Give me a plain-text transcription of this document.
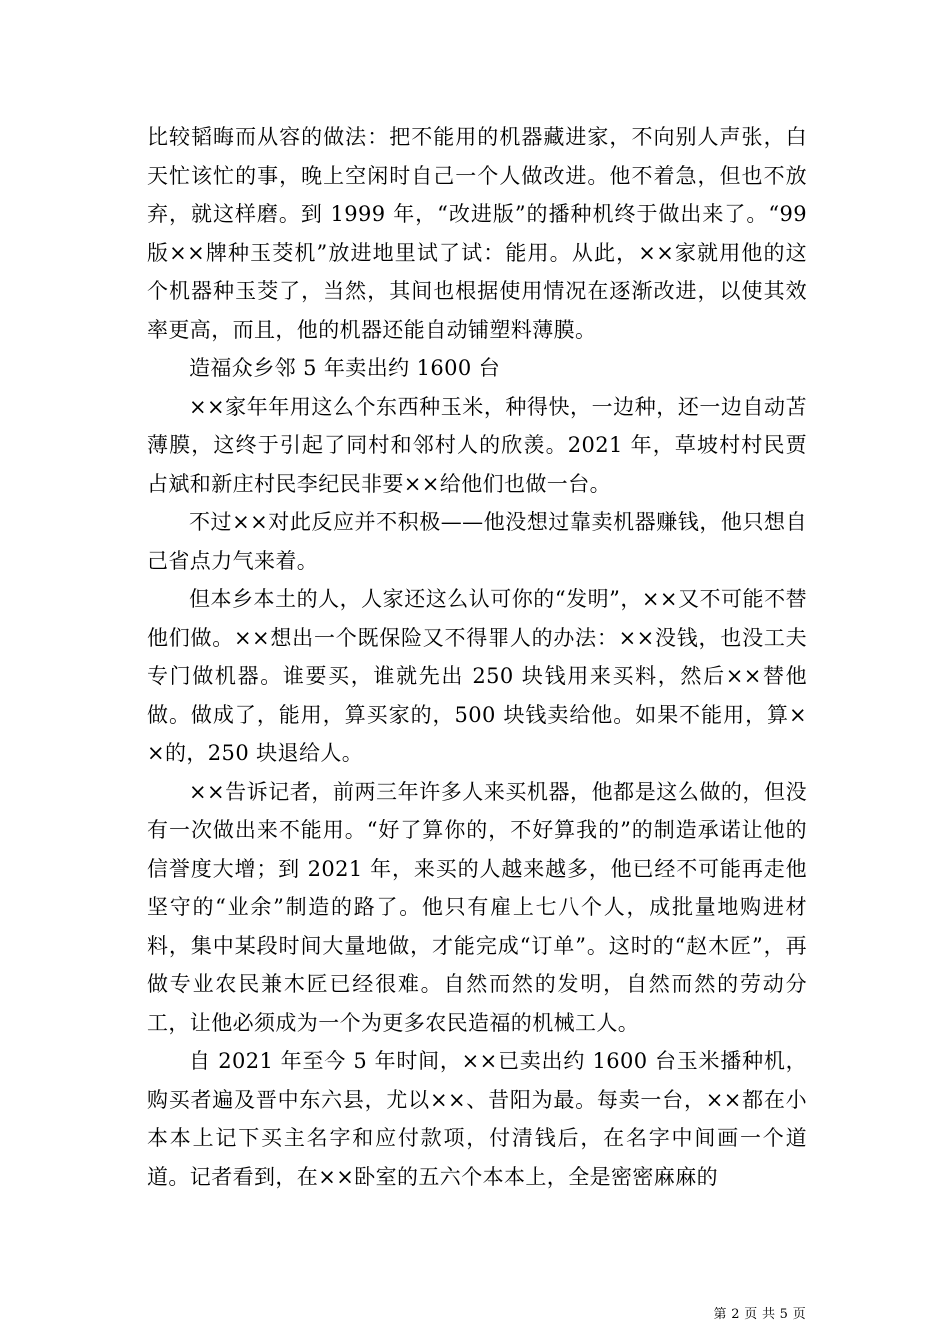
比较韬晦而从容的做法：把不能用的机器藏进家，不向别人声张，白天忙该忙的事，晚上空闲时自己一个人做改进。他不着急，但也不放弃，就这样磨。到 1999 年，“改进版”的播种机终于做出来了。“99 版××牌种玉茭机”放进地里试了试：能用。从此，××家就用他的这个机器种玉茭了，当然，其间也根据使用情况在逐渐改进，以使其效率更高，而且，他的机器还能自动铺塑料薄膜。

造福众乡邻 5 年卖出约 1600 台

××家年年用这么个东西种玉米，种得快，一边种，还一边自动苫薄膜，这终于引起了同村和邻村人的欣羡。2021 年，草坡村村民贾占斌和新庄村民李纪民非要××给他们也做一台。

不过××对此反应并不积极——他没想过靠卖机器赚钱，他只想自己省点力气来着。

但本乡本土的人，人家还这么认可你的“发明”，××又不可能不替他们做。××想出一个既保险又不得罪人的办法：××没钱，也没工夫专门做机器。谁要买，谁就先出 250 块钱用来买料，然后××替他做。做成了，能用，算买家的，500 块钱卖给他。如果不能用，算××的，250 块退给人。

××告诉记者，前两三年许多人来买机器，他都是这么做的，但没有一次做出来不能用。“好了算你的，不好算我的”的制造承诺让他的信誉度大增；到 2021 年，来买的人越来越多，他已经不可能再走他坚守的“业余”制造的路了。他只有雇上七八个人，成批量地购进材料，集中某段时间大量地做，才能完成“订单”。这时的“赵木匠”，再做专业农民兼木匠已经很难。自然而然的发明，自然而然的劳动分工，让他必须成为一个为更多农民造福的机械工人。

自 2021 年至今 5 年时间，××已卖出约 1600 台玉米播种机，购买者遍及晋中东六县，尤以××、昔阳为最。每卖一台，××都在小本本上记下买主名字和应付款项，付清钱后，在名字中间画一个道道。记者看到，在××卧室的五六个本本上，全是密密麻麻的

第 2 页 共 5 页
